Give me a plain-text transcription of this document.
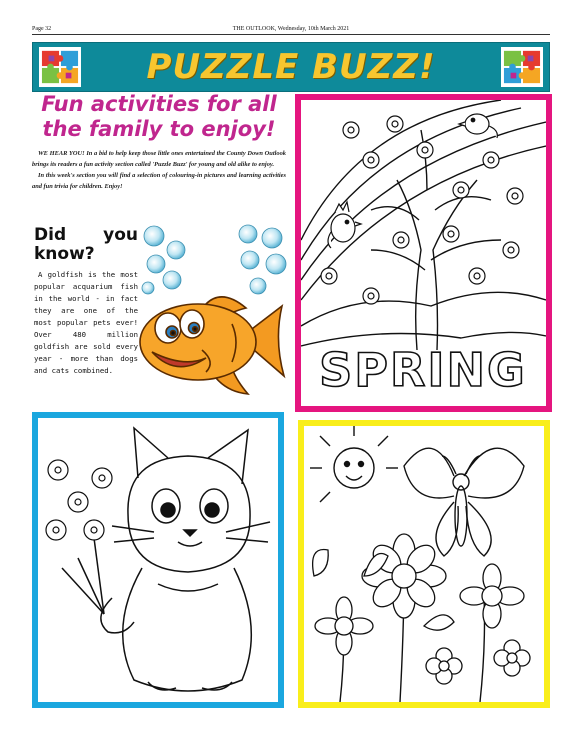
Page 32	THE OUTLOOK, Wednesday, 10th March 2021
PUZZLE BUZZ!
Fun activities for all
the family to enjoy!

WE HEAR YOU! In a bid to help keep those little ones entertained the County Down Outlook brings its readers a fun activity section called 'Puzzle Buzz' for young and old alike to enjoy.

In this week's section you will find a selection of colouring-in pictures and learning activities and fun trivia for children. Enjoy!

Did you
know?
A goldfish is the most popular acquarium fish in the world - in fact they are one of the most popular pets ever! Over 480 million goldfish are sold every year - more than dogs and cats combined.	SPRING
